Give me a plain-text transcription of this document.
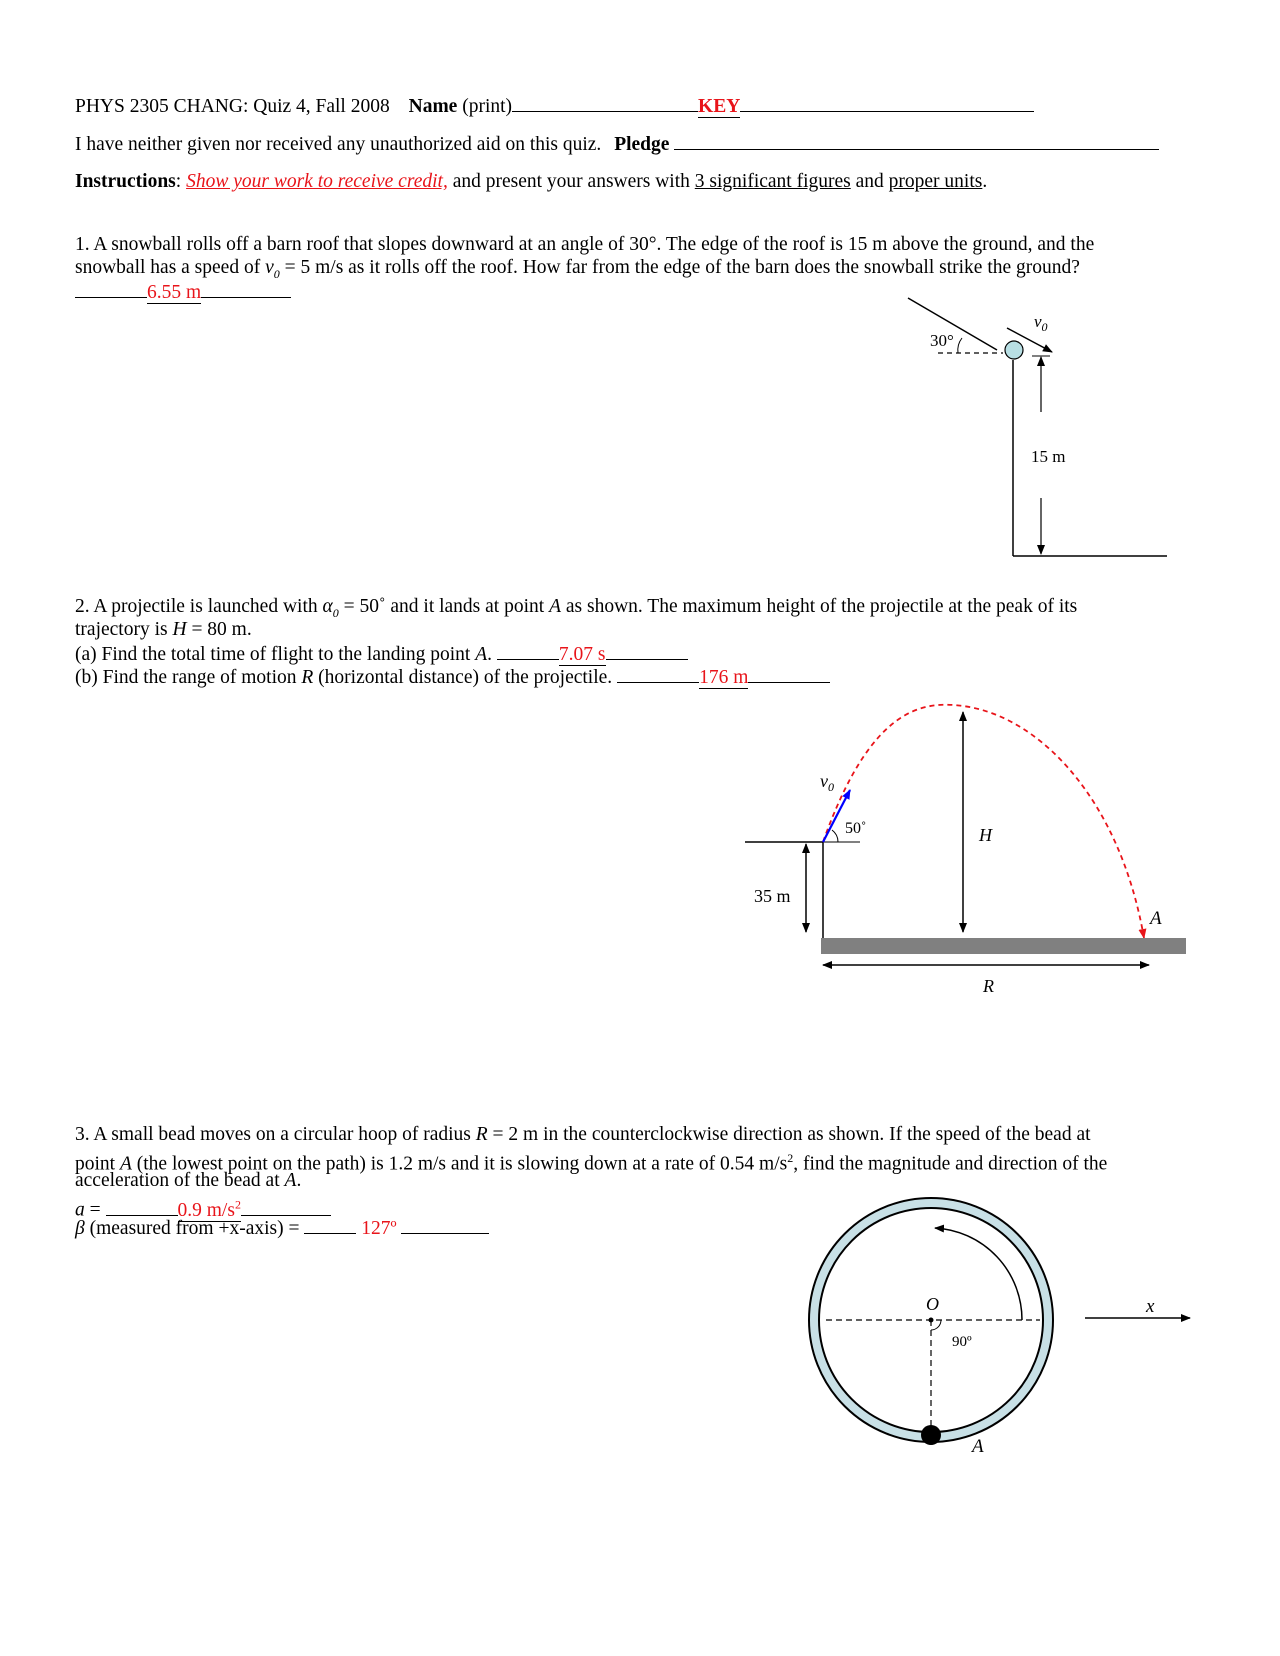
PHYS 2305 CHANG: Quiz 4, Fall 2008 Name (print)	KEY
I have neither given nor received any unauthorized aid on this quiz. Pledge
Instructions: Show your work to receive credit, and present your answers with 3 significant figures and proper units.
1. A snowball rolls off a barn roof that slopes downward at an angle of 30°. The edge of the roof is 15 m above the ground, and the
snowball has a speed of $v_0 = 5$ m/s as it rolls off the roof. How far from the edge of the barn does the snowball strike the ground?
6.55 m
30°
$v_0$
15 m
2. A projectile is launched with $\alpha_0$ = 50˚ and it lands at point A as shown. The maximum height of the projectile at the peak of its
trajectory is H = 80 m.
(a) Find the total time of flight to the landing point A.	7.07 s
(b) Find the range of motion R (horizontal distance) of the projectile.	176 m
50˚
$v_0$
35 m
H
A
R
3. A small bead moves on a circular hoop of radius R = 2 m in the counterclockwise direction as shown. If the speed of the bead at
point A (the lowest point on the path) is 1.2 m/s and it is slowing down at a rate of 0.54 $m/s^2$, find the magnitude and direction of the
acceleration of the bead at A.
a =	0.9 $m/s^2$
β (measured from +x-axis) =	127º
O
90º
A
x
